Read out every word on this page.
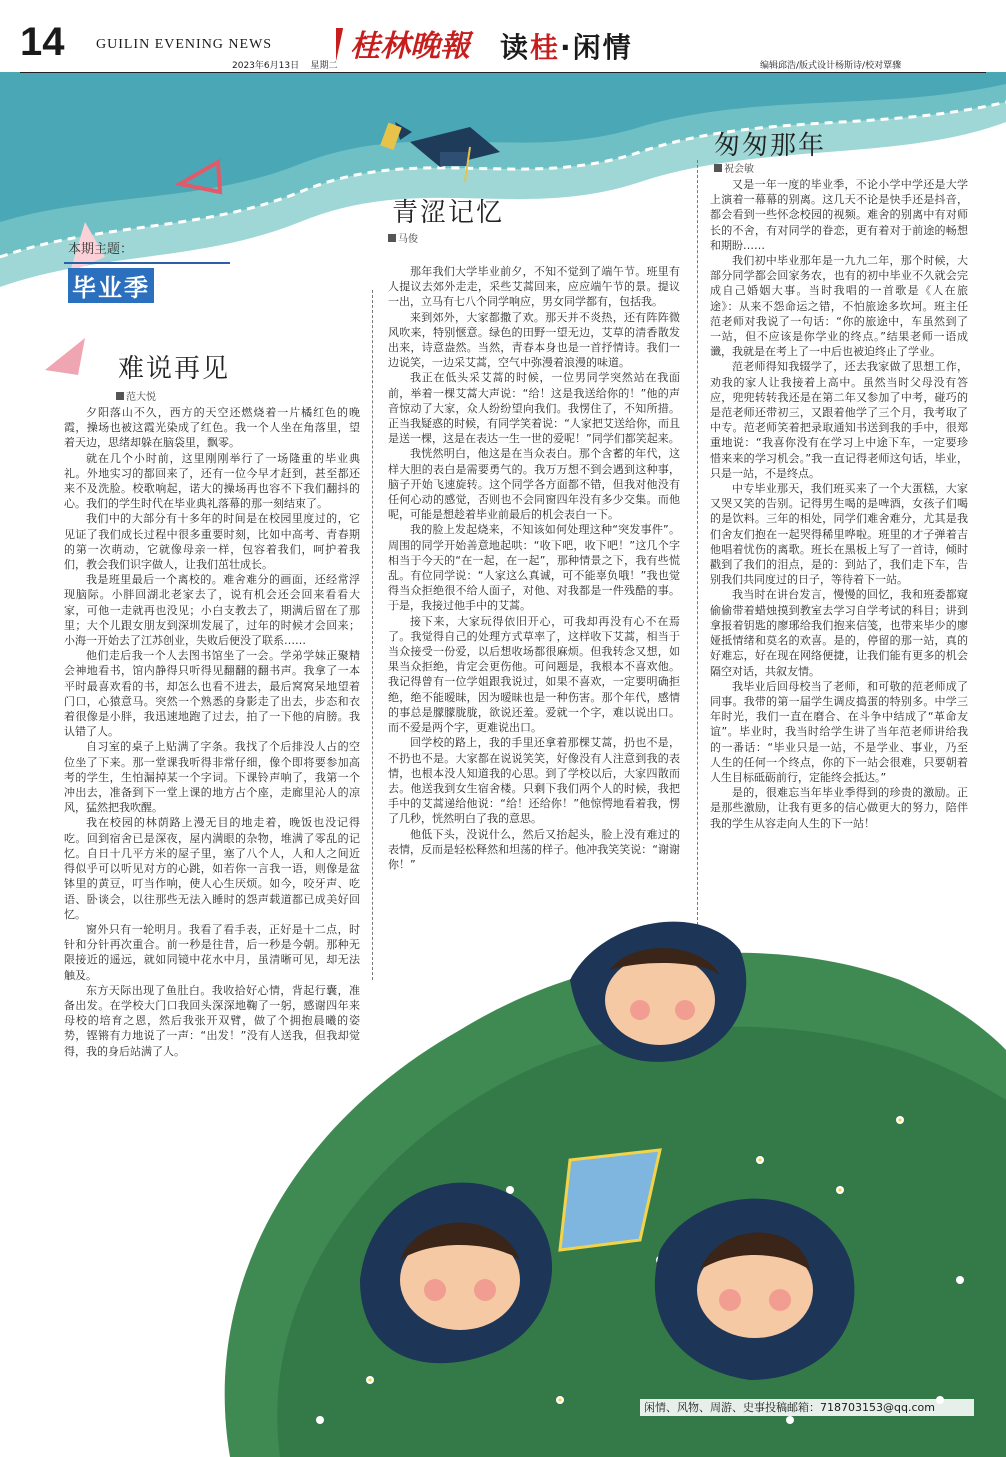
14 GUILIN EVENING NEWS
2023年6月13日 星期二
桂林晚報 读桂·闲情
编辑邱浩/版式设计杨斯诗/校对覃骤
本期主题：
毕业季
难说再见
范大悦

夕阳落山不久，西方的天空还燃烧着一片橘红色的晚霞，操场也被这霞光染成了红色。我一个人坐在角落里，望着天边，思绪却躲在脑袋里，飘零。

就在几个小时前，这里刚刚举行了一场隆重的毕业典礼。外地实习的都回来了，还有一位今早才赶到，甚至都还来不及洗脸。校歌响起，诺大的操场再也容不下我们翻抖的心。我们的学生时代在毕业典礼落幕的那一刻结束了。

我们中的大部分有十多年的时间是在校园里度过的，它见证了我们成长过程中很多重要时刻，比如中高考、青春期的第一次萌动，它就像母亲一样，包容着我们，呵护着我们，教会我们识字做人，让我们茁壮成长。

我是班里最后一个离校的。难舍难分的画面，还经常浮现脑际。小胖回湖北老家去了，说有机会还会回来看看大家，可他一走就再也没见；小白支教去了，期满后留在了那里；大个儿跟女朋友到深圳发展了，过年的时候才会回来；小海一开始去了江苏创业，失败后便没了联系……

他们走后我一个人去图书馆坐了一会。学弟学妹正聚精会神地看书，馆内静得只听得见翻翻的翻书声。我拿了一本平时最喜欢看的书，却怎么也看不进去，最后窝窝呆地望着门口，心猿意马。突然一个熟悉的身影走了出去，步态和衣着很像是小胖，我迅速地跑了过去，拍了一下他的肩膀。我认错了人。

自习室的桌子上贴满了字条。我找了个后排没人占的空位坐了下来。那一堂课我听得非常仔细，像个即将要参加高考的学生，生怕漏掉某一个字词。下课铃声响了，我第一个冲出去，准备到下一堂上课的地方占个座，走廊里沁人的凉风，猛然把我吹醒。

我在校园的林荫路上漫无目的地走着，晚饭也没记得吃。回到宿舍已是深夜，屋内满眼的杂物，堆满了零乱的记忆。自日十几平方米的屋子里，塞了八个人，人和人之间近得似乎可以听见对方的心跳，如若你一言我一语，则像是盆钵里的黄豆，叮当作响，使人心生厌烦。如今，咬牙声、吃语、卧谈会，以往那些无法入睡时的怨声载道都已成美好回忆。

窗外只有一轮明月。我看了看手表，正好是十二点，时针和分针再次重合。前一秒是往昔，后一秒是今朝。那种无限接近的遥远，就如同镜中花水中月，虽清晰可见，却无法触及。

东方天际出现了鱼肚白。我收拾好心情，背起行囊，准备出发。在学校大门口我回头深深地鞠了一躬，感谢四年来母校的培育之恩，然后我张开双臂，做了个拥抱晨曦的姿势，铿锵有力地说了一声：“出发！”没有人送我，但我却觉得，我的身后站满了人。

青涩记忆
马俊

那年我们大学毕业前夕，不知不觉到了端午节。班里有人提议去郊外走走，采些艾蒿回来，应应端午节的景。提议一出，立马有七八个同学响应，男女同学都有，包括我。

来到郊外，大家都撒了欢。那天并不炎热，还有阵阵微风吹来，特别惬意。绿色的田野一望无边，艾草的清香散发出来，诗意盎然。当然，青春本身也是一首抒情诗。我们一边说笑，一边采艾蒿，空气中弥漫着浪漫的味道。

我正在低头采艾蒿的时候，一位男同学突然站在我面前，举着一棵艾蒿大声说：“给！这是我送给你的！”他的声音惊动了大家，众人纷纷望向我们。我愣住了，不知所措。正当我疑惑的时候，有同学笑着说：“人家把艾送给你，而且是送一棵，这是在表达一生一世的爱呢！”同学们都笑起来。

我恍然明白，他这是在当众表白。那个含蓄的年代，这样大胆的表白是需要勇气的。我万万想不到会遇到这种事，脑子开始飞速旋转。这个同学各方面都不错，但我对他没有任何心动的感觉，否则也不会同窗四年没有多少交集。而他呢，可能是想趁着毕业前最后的机会表白一下。

我的脸上发起烧来，不知该如何处理这种“突发事件”。周围的同学开始善意地起哄：“收下吧，收下吧！”这几个字相当于今天的“在一起，在一起”，那种情景之下，我有些慌乱。有位同学说：“人家这么真诚，可不能辜负哦！”我也觉得当众拒绝很不给人面子，对他、对我都是一件残酷的事。于是，我接过他手中的艾蒿。

接下来，大家玩得依旧开心，可我却再没有心不在焉了。我觉得自己的处理方式草率了，这样收下艾蒿，相当于当众接受一份爱，以后想收场都很麻烦。但我转念又想，如果当众拒绝，肯定会更伤他。可问题是，我根本不喜欢他。我记得曾有一位学姐跟我说过，如果不喜欢，一定要明确拒绝，绝不能暧昧，因为暧昧也是一种伤害。那个年代，感情的事总是朦朦胧胧，欲说还羞。爱就一个字，难以说出口。而不爱是两个字，更难说出口。

回学校的路上，我的手里还拿着那棵艾蒿，扔也不是，不扔也不是。大家都在说说笑笑，好像没有人注意到我的表情，也根本没人知道我的心思。到了学校以后，大家四散而去。他送我到女生宿舍楼。只剩下我们两个人的时候，我把手中的艾蒿递给他说：“给！还给你！”他惊愕地看着我，愣了几秒，恍然明白了我的意思。

他低下头，没说什么，然后又抬起头，脸上没有难过的表情，反而是轻松释然和坦荡的样子。他冲我笑笑说：“谢谢你！”

匆匆那年
祝会敏

又是一年一度的毕业季，不论小学中学还是大学上演着一幕幕的别离。这几天不论是快手还是抖音，都会看到一些怀念校园的视频。难舍的别离中有对师长的不舍，有对同学的眷恋，更有着对于前途的畅想和期盼……

我们初中毕业那年是一九九二年，那个时候，大部分同学都会回家务农，也有的初中毕业不久就会完成自己婚姻大事。当时我唱的一首歌是《人在旅途》：从来不怨命运之错，不怕旅途多坎坷。班主任范老师对我说了一句话：“你的旅途中，车虽然到了一站，但不应该是你学业的终点。”结果老师一语成谶，我就是在考上了一中后也被迫终止了学业。

范老师得知我辍学了，还去我家做了思想工作，劝我的家人让我接着上高中。虽然当时父母没有答应，兜兜转转我还是在第二年又参加了中考，碰巧的是范老师还带初三，又跟着他学了三个月，我考取了中专。范老师笑着把录取通知书送到我的手中，很郑重地说：“我喜你没有在学习上中途下车，一定要珍惜来来的学习机会。”我一直记得老师这句话，毕业，只是一站，不是终点。

中专毕业那天，我们班买来了一个大蛋糕，大家又哭又笑的告别。记得男生喝的是啤酒，女孩子们喝的是饮料。三年的相处，同学们难舍难分，尤其是我们舍友们抱在一起哭得稀里哗啦。班里的才子弹着吉他唱着忧伤的离歌。班长在黑板上写了一首诗，倾时戳到了我们的泪点，是的：到站了，我们走下车，告别我们共同度过的日子，等待着下一站。

我当时在讲台发言，慢慢的回忆，我和班委都窥偷偷带着蜡烛摸到教室去学习自学考试的科目；讲到拿报着钥匙的廖琊给我们抱来信笺，也带来毕少的廖娅抵情绪和莫名的欢喜。是的，停留的那一站，真的好难忘，好在现在网络便捷，让我们能有更多的机会隔空对话，共叙友情。

我毕业后回母校当了老师，和可敬的范老师成了同事。我带的第一届学生调皮捣蛋的特别多。中学三年时光，我们一直在磨合、在斗争中结成了“革命友谊”。毕业时，我当时给学生讲了当年范老师讲给我的一番话：“毕业只是一站，不是学业、事业，乃至人生的任何一个终点，你的下一站会很难，只要朝着人生目标砥砺前行，定能终会抵达。”

是的，很难忘当年毕业季得到的珍贵的激励。正是那些激励，让我有更多的信心做更大的努力，陪伴我的学生从容走向人生的下一站！

闲情、风物、周游、史事投稿邮箱：718703153@qq.com
